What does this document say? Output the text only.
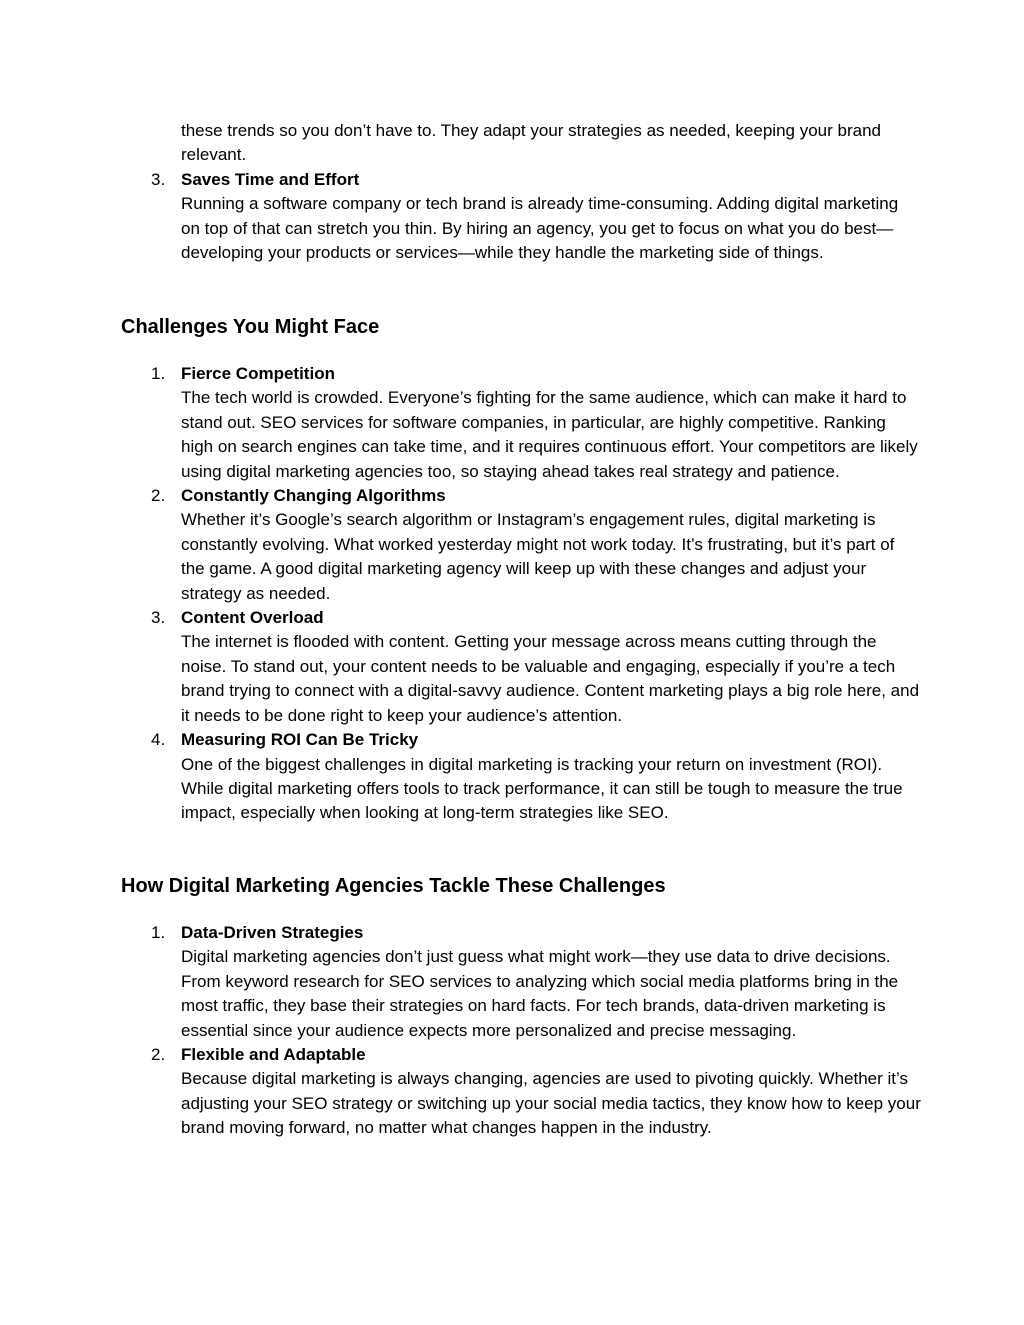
these trends so you don’t have to. They adapt your strategies as needed, keeping your brand relevant.
3. Saves Time and Effort
Running a software company or tech brand is already time-consuming. Adding digital marketing on top of that can stretch you thin. By hiring an agency, you get to focus on what you do best—developing your products or services—while they handle the marketing side of things.
Challenges You Might Face
1. Fierce Competition
The tech world is crowded. Everyone’s fighting for the same audience, which can make it hard to stand out. SEO services for software companies, in particular, are highly competitive. Ranking high on search engines can take time, and it requires continuous effort. Your competitors are likely using digital marketing agencies too, so staying ahead takes real strategy and patience.
2. Constantly Changing Algorithms
Whether it’s Google’s search algorithm or Instagram’s engagement rules, digital marketing is constantly evolving. What worked yesterday might not work today. It’s frustrating, but it’s part of the game. A good digital marketing agency will keep up with these changes and adjust your strategy as needed.
3. Content Overload
The internet is flooded with content. Getting your message across means cutting through the noise. To stand out, your content needs to be valuable and engaging, especially if you’re a tech brand trying to connect with a digital-savvy audience. Content marketing plays a big role here, and it needs to be done right to keep your audience’s attention.
4. Measuring ROI Can Be Tricky
One of the biggest challenges in digital marketing is tracking your return on investment (ROI). While digital marketing offers tools to track performance, it can still be tough to measure the true impact, especially when looking at long-term strategies like SEO.
How Digital Marketing Agencies Tackle These Challenges
1. Data-Driven Strategies
Digital marketing agencies don’t just guess what might work—they use data to drive decisions. From keyword research for SEO services to analyzing which social media platforms bring in the most traffic, they base their strategies on hard facts. For tech brands, data-driven marketing is essential since your audience expects more personalized and precise messaging.
2. Flexible and Adaptable
Because digital marketing is always changing, agencies are used to pivoting quickly. Whether it’s adjusting your SEO strategy or switching up your social media tactics, they know how to keep your brand moving forward, no matter what changes happen in the industry.
